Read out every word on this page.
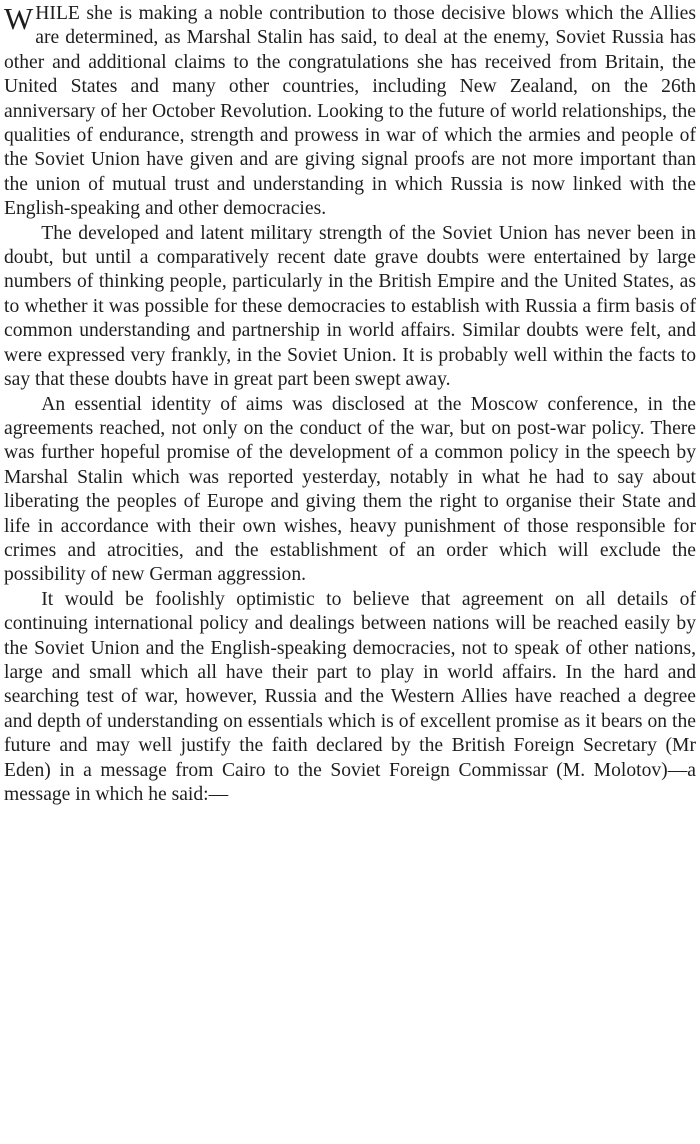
WHILE she is making a noble contribution to those decisive blows which the Allies are determined, as Marshal Stalin has said, to deal at the enemy, Soviet Russia has other and additional claims to the congratulations she has received from Britain, the United States and many other countries, including New Zealand, on the 26th anniversary of her October Revolution. Looking to the future of world relationships, the qualities of endurance, strength and prowess in war of which the armies and people of the Soviet Union have given and are giving signal proofs are not more important than the union of mutual trust and understanding in which Russia is now linked with the English-speaking and other democracies.

The developed and latent military strength of the Soviet Union has never been in doubt, but until a comparatively recent date grave doubts were entertained by large numbers of thinking people, particularly in the British Empire and the United States, as to whether it was possible for these democracies to establish with Russia a firm basis of common understanding and partnership in world affairs. Similar doubts were felt, and were expressed very frankly, in the Soviet Union. It is probably well within the facts to say that these doubts have in great part been swept away.

An essential identity of aims was disclosed at the Moscow conference, in the agreements reached, not only on the conduct of the war, but on post-war policy. There was further hopeful promise of the development of a common policy in the speech by Marshal Stalin which was reported yesterday, notably in what he had to say about liberating the peoples of Europe and giving them the right to organise their State and life in accordance with their own wishes, heavy punishment of those responsible for crimes and atrocities, and the establishment of an order which will exclude the possibility of new German aggression.

It would be foolishly optimistic to believe that agreement on all details of continuing international policy and dealings between nations will be reached easily by the Soviet Union and the English-speaking democracies, not to speak of other nations, large and small which all have their part to play in world affairs. In the hard and searching test of war, however, Russia and the Western Allies have reached a degree and depth of understanding on essentials which is of excellent promise as it bears on the future and may well justify the faith declared by the British Foreign Secretary (Mr Eden) in a message from Cairo to the Soviet Foreign Commissar (M. Molotov)—a message in which he said:—
